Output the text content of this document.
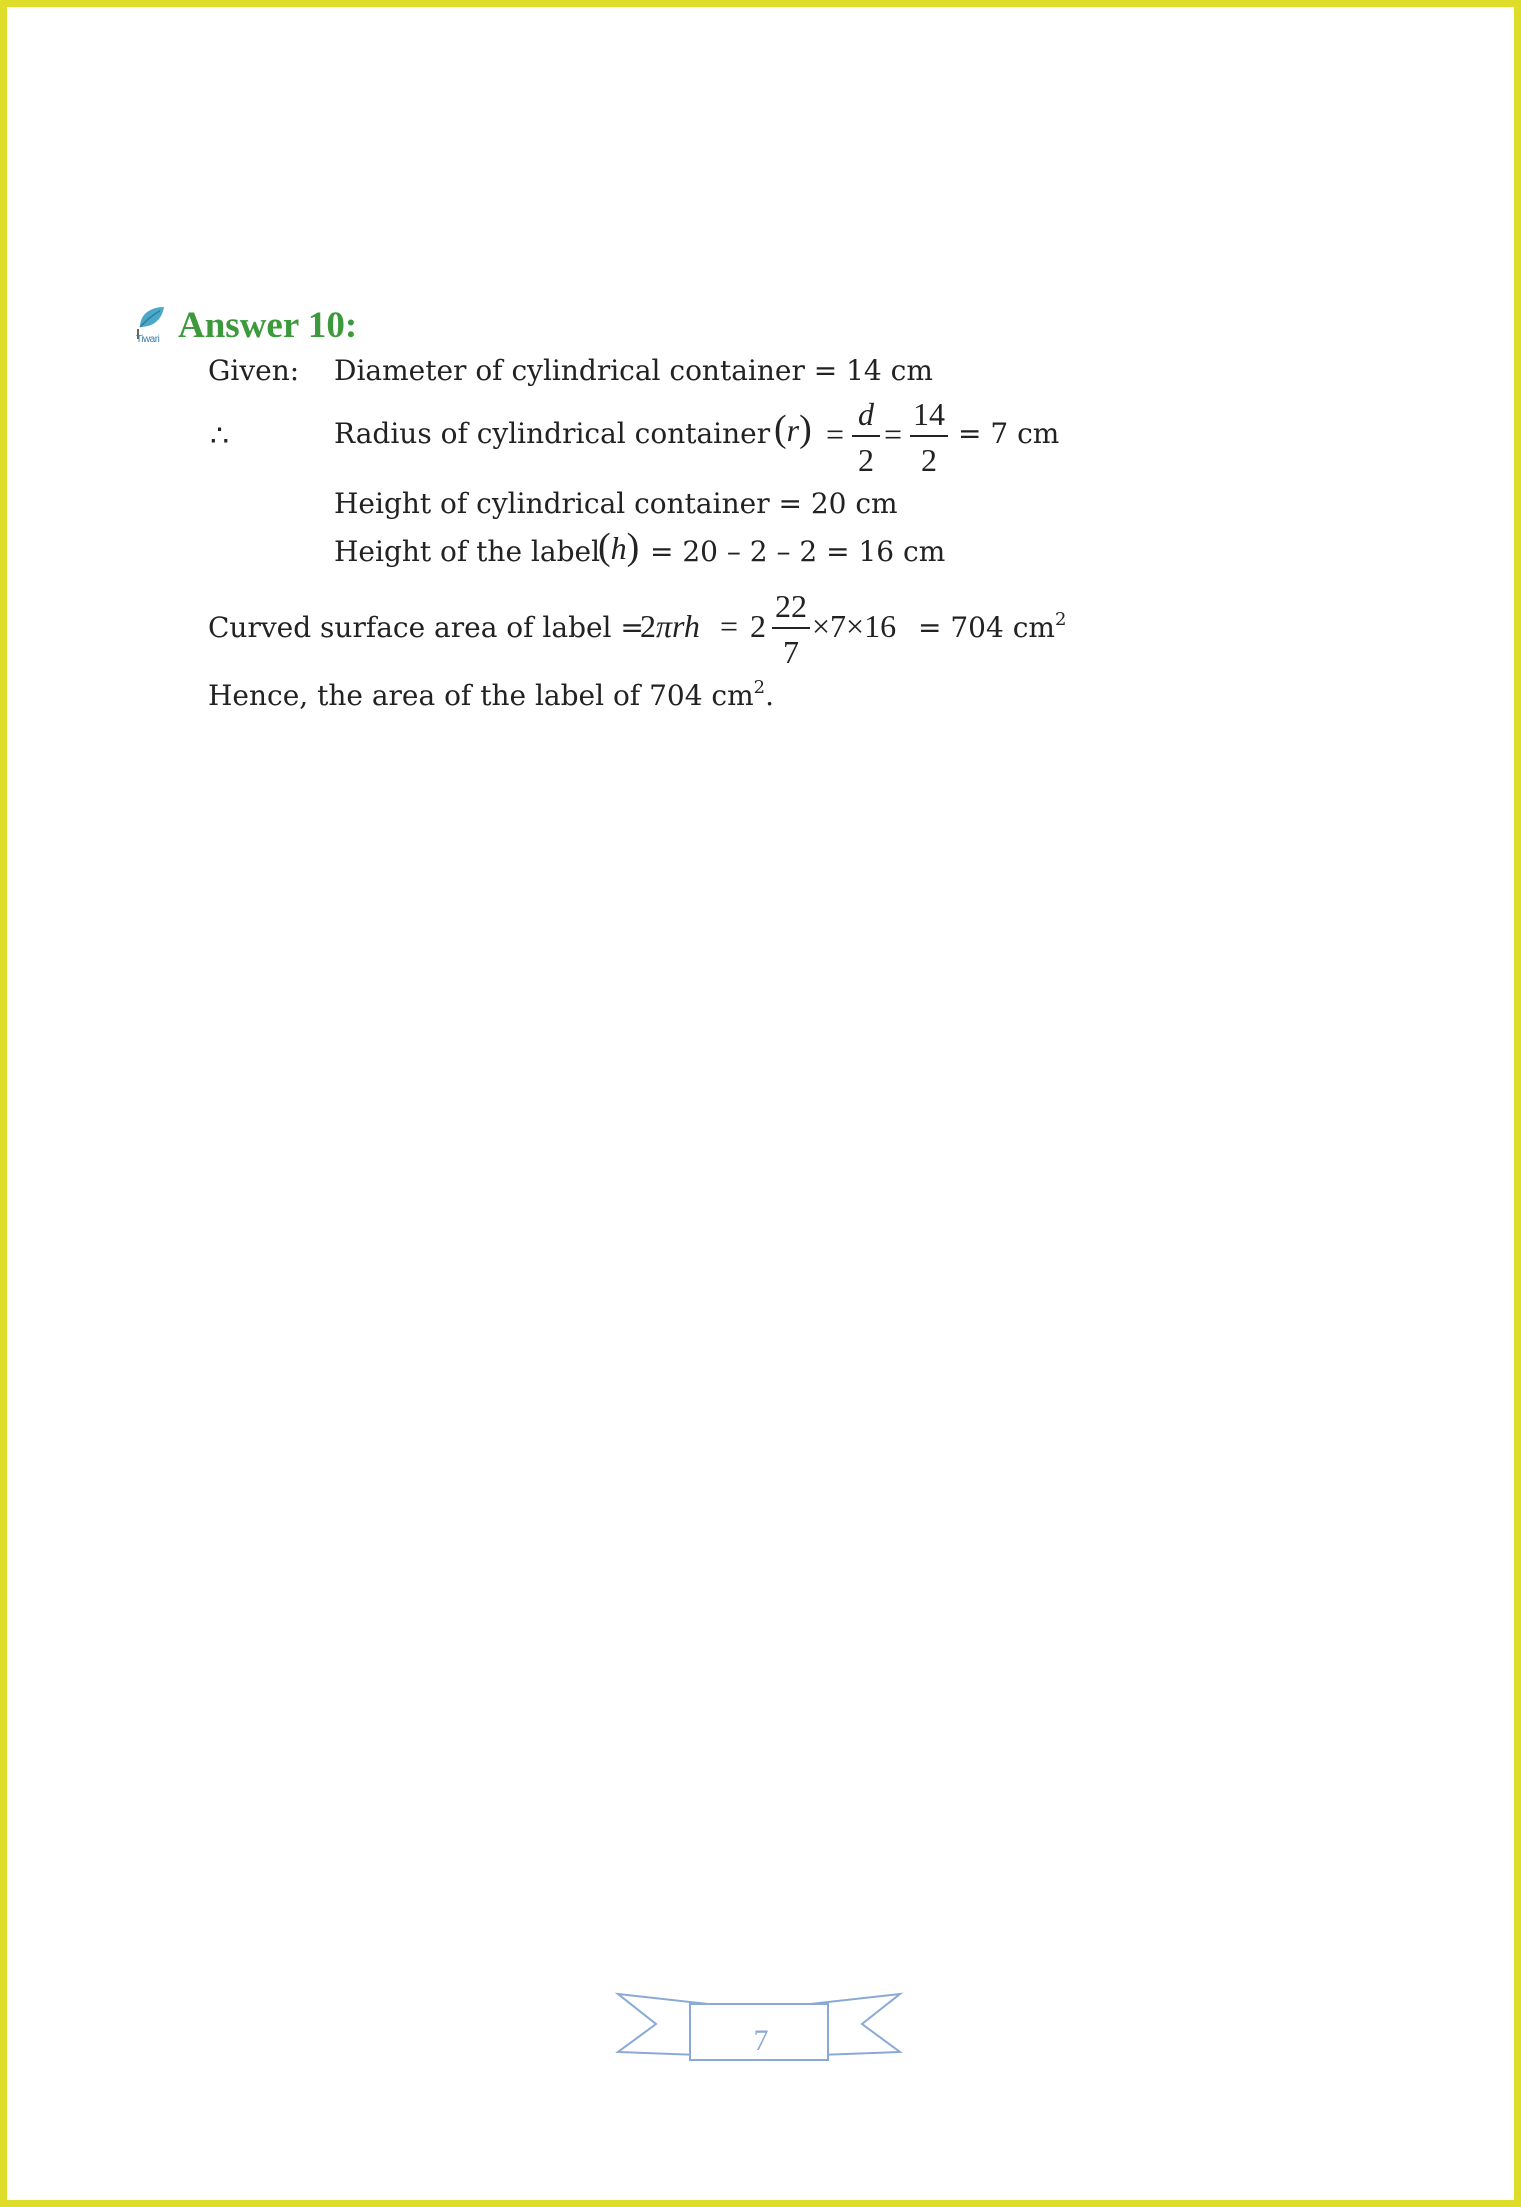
Tiwari Answer 10:
Given: Diameter of cylindrical container = 14 cm
∴	Radius of cylindrical container (r) =
d
2
=
14
2
= 7 cm
Height of cylindrical container = 20 cm
Height of the label
(h) = 20 – 2 – 2 = 16 cm
Curved surface area of label =
2πrh = 2
22
7
×7×16 = 704 $cm^2$
Hence, the area of the label of 704 $cm^2$.
7
